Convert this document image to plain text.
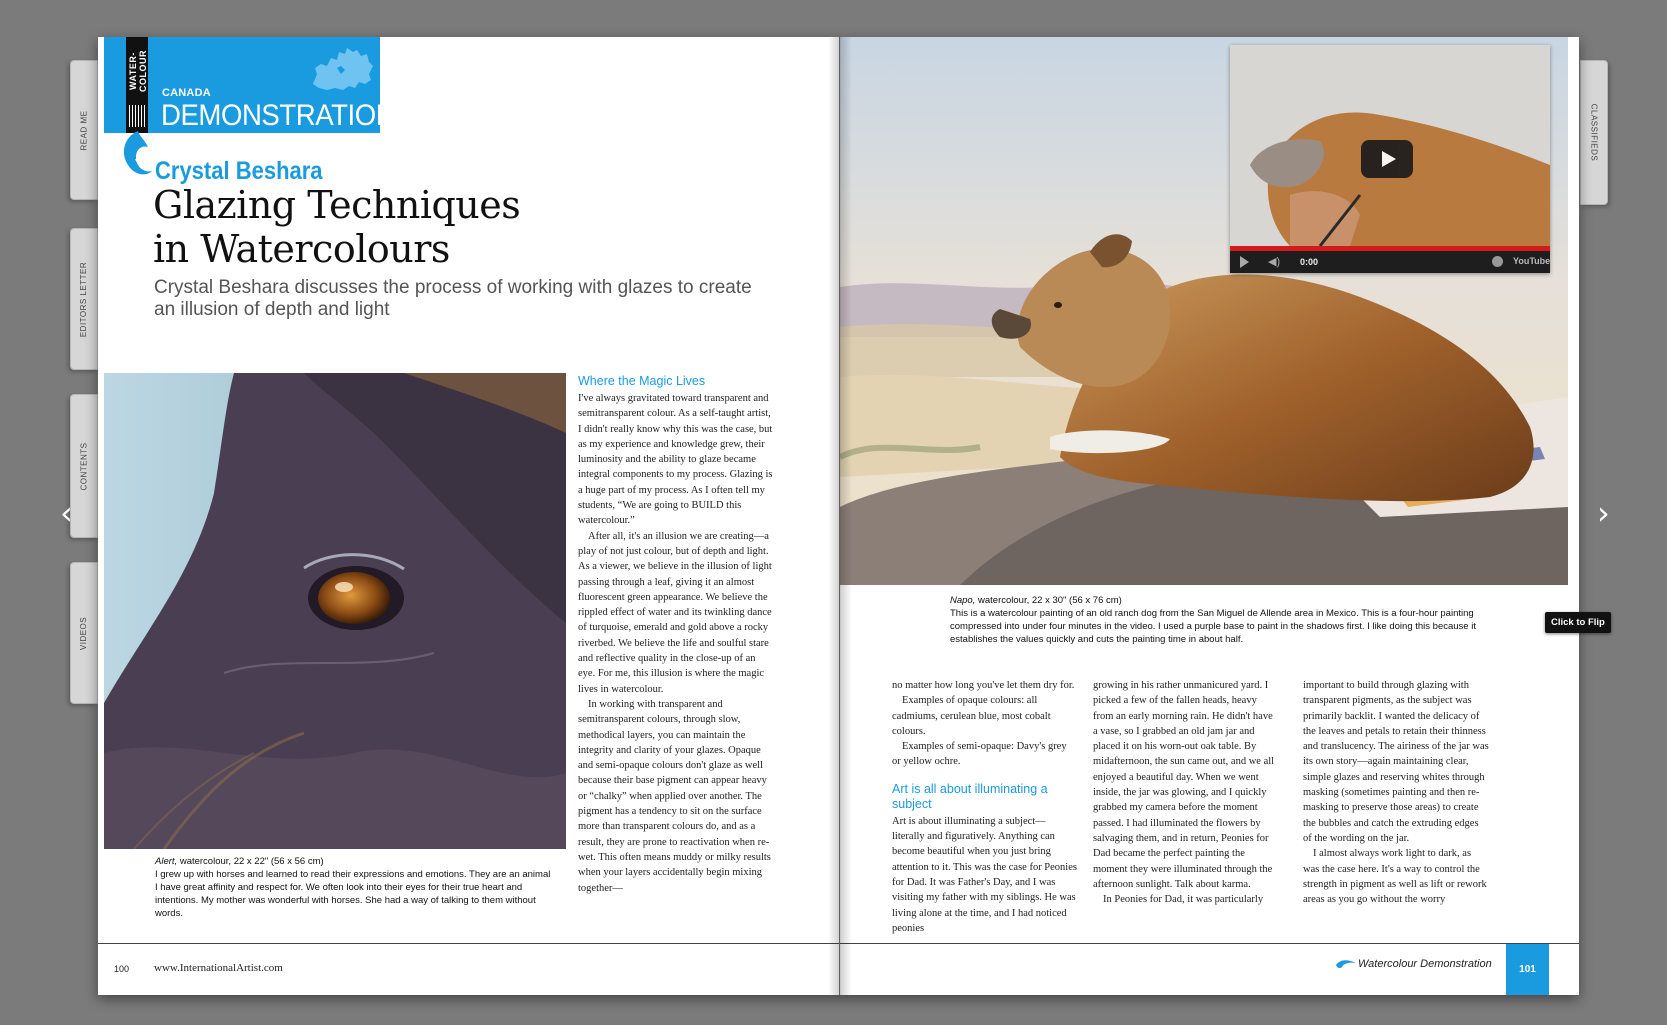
READ ME
EDITORS LETTER
CONTENTS
VIDEOS
CLASSIFIEDS
‹	›
WATER-COLOUR
CANADA
DEMONSTRATION
Crystal Beshara
Glazing Techniques
in Watercolours
Crystal Beshara discusses the process of working with glazes to create an illusion of depth and light
Alert, watercolour, 22 x 22" (56 x 56 cm)
I grew up with horses and learned to read their expressions and emotions. They are an animal I have great affinity and respect for. We often look into their eyes for their true heart and intentions. My mother was wonderful with horses. She had a way of talking to them without words.
Where the Magic Lives

I've always gravitated toward transparent and semitransparent colour. As a self-taught artist, I didn't really know why this was the case, but as my experience and knowledge grew, their luminosity and the ability to glaze became integral components to my process. Glazing is a huge part of my process. As I often tell my students, “We are going to BUILD this watercolour.”

After all, it's an illusion we are creating—a play of not just colour, but of depth and light. As a viewer, we believe in the illusion of light passing through a leaf, giving it an almost fluorescent green appearance. We believe the rippled effect of water and its twinkling dance of turquoise, emerald and gold above a rocky riverbed. We believe the life and soulful stare and reflective quality in the close-up of an eye. For me, this illusion is where the magic lives in watercolour.

In working with transparent and semitransparent colours, through slow, methodical layers, you can maintain the integrity and clarity of your glazes. Opaque and semi-opaque colours don't glaze as well because their base pigment can appear heavy or “chalky” when applied over another. The pigment has a tendency to sit on the surface more than transparent colours do, and as a result, they are prone to reactivation when re-wet. This often means muddy or milky results when your layers accidentally begin mixing together—

100 www.InternationalArtist.com
◀) 0:00	YouTube
Napo, watercolour, 22 x 30" (56 x 76 cm)
This is a watercolour painting of an old ranch dog from the San Miguel de Allende area in Mexico. This is a four-hour painting compressed into under four minutes in the video. I used a purple base to paint in the shadows first. I like doing this because it establishes the values quickly and cuts the painting time in about half.

no matter how long you've let them dry for.

Examples of opaque colours: all cadmiums, cerulean blue, most cobalt colours.

Examples of semi-opaque: Davy's grey or yellow ochre.

Art is all about illuminating a subject

Art is about illuminating a subject—literally and figuratively. Anything can become beautiful when you just bring attention to it. This was the case for Peonies for Dad. It was Father's Day, and I was visiting my father with my siblings. He was living alone at the time, and I had noticed peonies

growing in his rather unmanicured yard. I picked a few of the fallen heads, heavy from an early morning rain. He didn't have a vase, so I grabbed an old jam jar and placed it on his worn-out oak table. By midafternoon, the sun came out, and we all enjoyed a beautiful day. When we went inside, the jar was glowing, and I quickly grabbed my camera before the moment passed. I had illuminated the flowers by salvaging them, and in return, Peonies for Dad became the perfect painting the moment they were illuminated through the afternoon sunlight. Talk about karma.

In Peonies for Dad, it was particularly

important to build through glazing with transparent pigments, as the subject was primarily backlit. I wanted the delicacy of the leaves and petals to retain their thinness and translucency. The airiness of the jar was its own story—again maintaining clear, simple glazes and reserving whites through masking (sometimes painting and then re-masking to preserve those areas) to create the bubbles and catch the extruding edges of the wording on the jar.

I almost always work light to dark, as was the case here. It's a way to control the strength in pigment as well as lift or rework areas as you go without the worry

Watercolour Demonstration	101
Click to Flip
